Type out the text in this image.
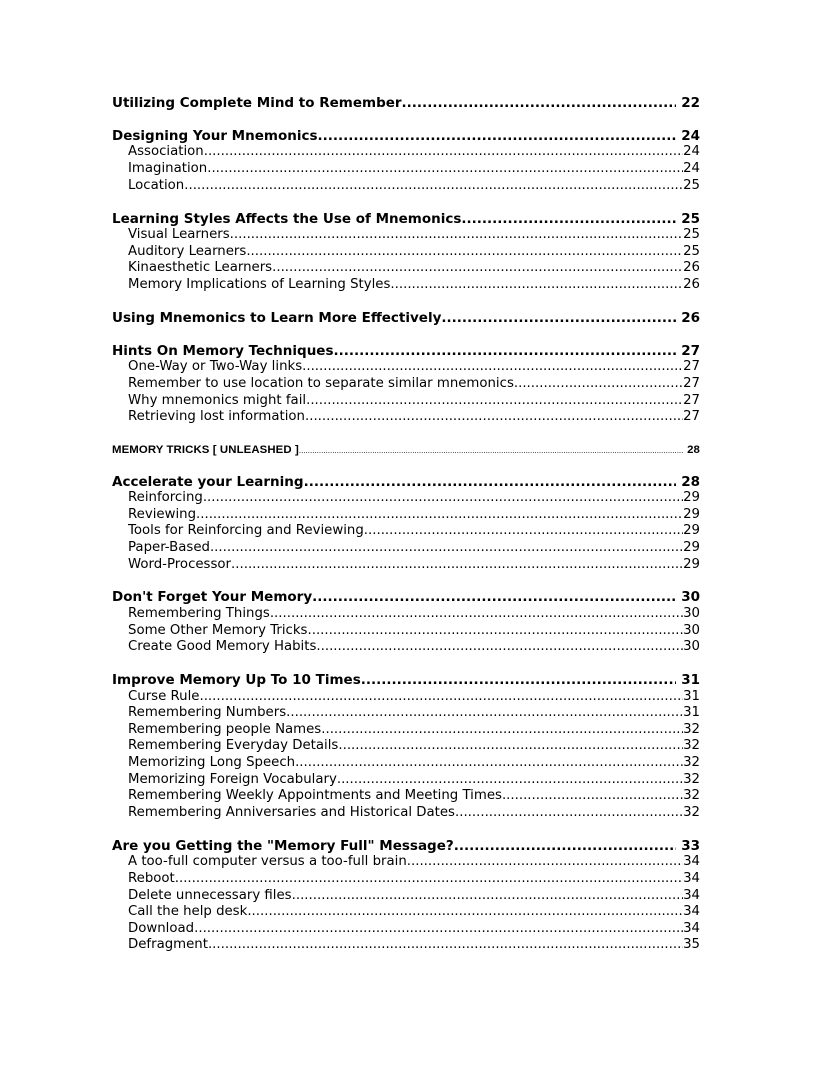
Utilizing Complete Mind to Remember .....	22
Designing Your Mnemonics .....	24
Association .....	24
Imagination .....	24
Location .....	25
Learning Styles Affects the Use of Mnemonics .....	25
Visual Learners .....	25
Auditory Learners .....	25
Kinaesthetic Learners .....	26
Memory Implications of Learning Styles .....	26
Using Mnemonics to Learn More Effectively .....	26
Hints On Memory Techniques .....	27
One-Way or Two-Way links .....	27
Remember to use location to separate similar mnemonics .....	27
Why mnemonics might fail .....	27
Retrieving lost information .....	27
MEMORY TRICKS [ UNLEASHED ] .....	28
Accelerate your Learning .....	28
Reinforcing .....	29
Reviewing .....	29
Tools for Reinforcing and Reviewing .....	29
Paper-Based .....	29
Word-Processor .....	29
Don't Forget Your Memory .....	30
Remembering Things .....	30
Some Other Memory Tricks .....	30
Create Good Memory Habits .....	30
Improve Memory Up To 10 Times .....	31
Curse Rule .....	31
Remembering Numbers .....	31
Remembering people Names .....	32
Remembering Everyday Details .....	32
Memorizing Long Speech .....	32
Memorizing Foreign Vocabulary .....	32
Remembering Weekly Appointments and Meeting Times .....	32
Remembering Anniversaries and Historical Dates .....	32
Are you Getting the "Memory Full" Message? .....	33
A too-full computer versus a too-full brain .....	34
Reboot .....	34
Delete unnecessary files .....	34
Call the help desk .....	34
Download .....	34
Defragment .....	35
